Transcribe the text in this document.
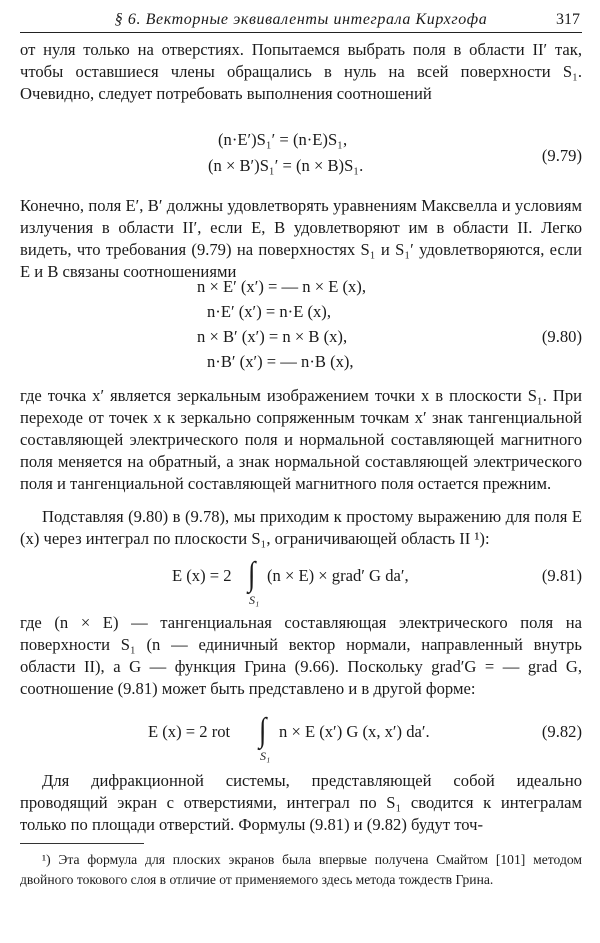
§ 6. Векторные эквиваленты интеграла Кирхгофа	317

от нуля только на отверстиях. Попытаемся выбрать поля в области II′ так, чтобы оставшиеся члены обращались в нуль на всей поверхности S₁. Очевидно, следует потребовать выполнения соотношений

(n·E′)S₁′ = (n·E)S₁,
(n × B′)S₁′ = (n × B)S₁.
(9.79)

Конечно, поля E′, B′ должны удовлетворять уравнениям Максвелла и условиям излучения в области II′, если E, B удовлетворяют им в области II. Легко видеть, что требования (9.79) на поверхностях S₁ и S₁′ удовлетворяются, если E и B связаны соотношениями

n × E′ (x′) = — n × E (x),
n·E′ (x′) = n·E (x),
n × B′ (x′) = n × B (x),
n·B′ (x′) = — n·B (x),
(9.80)

где точка x′ является зеркальным изображением точки x в плоскости S₁. При переходе от точек x к зеркально сопряженным точкам x′ знак тангенциальной составляющей электрического поля и нормальной составляющей магнитного поля меняется на обратный, а знак нормальной составляющей электрического поля и тангенциальной составляющей магнитного поля остается прежним.

Подставляя (9.80) в (9.78), мы приходим к простому выражению для поля E (x) через интеграл по плоскости S₁, ограничивающей область II ¹):

E (x) = 2 ∫
S₁
(n × E) × grad′ G da′,	(9.81)

где (n × E) — тангенциальная составляющая электрического поля на поверхности S₁ (n — единичный вектор нормали, направленный внутрь области II), а G — функция Грина (9.66). Поскольку grad′G = — grad G, соотношение (9.81) может быть представлено и в другой форме:

E (x) = 2 rot ∫
S₁
n × E (x′) G (x, x′) da′.	(9.82)

Для дифракционной системы, представляющей собой идеально проводящий экран с отверстиями, интеграл по S₁ сводится к интегралам только по площади отверстий. Формулы (9.81) и (9.82) будут точ-

¹) Эта формула для плоских экранов была впервые получена Смайтом [101] методом двойного токового слоя в отличие от применяемого здесь метода тождеств Грина.
